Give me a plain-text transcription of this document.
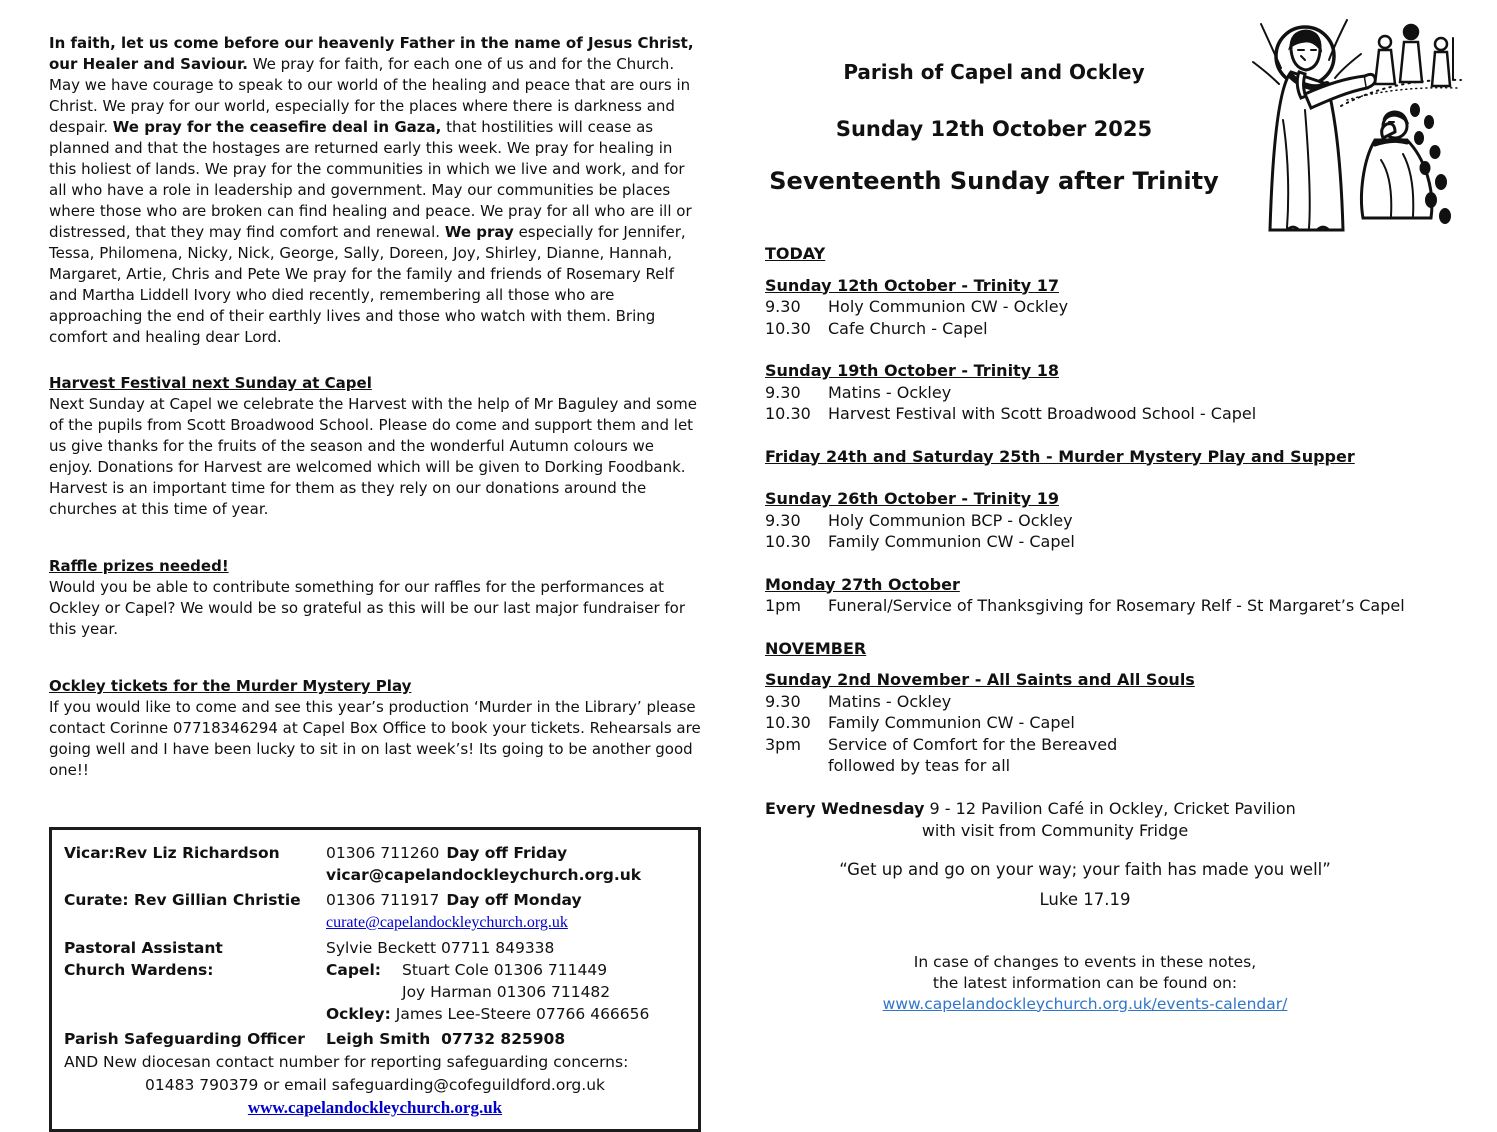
In faith, let us come before our heavenly Father in the name of Jesus Christ, our Healer and Saviour. We pray for faith, for each one of us and for the Church. May we have courage to speak to our world of the healing and peace that are ours in Christ. We pray for our world, especially for the places where there is darkness and despair. We pray for the ceasefire deal in Gaza, that hostilities will cease as planned and that the hostages are returned early this week. We pray for healing in this holiest of lands. We pray for the communities in which we live and work, and for all who have a role in leadership and government. May our communities be places where those who are broken can find healing and peace. We pray for all who are ill or distressed, that they may find comfort and renewal. We pray especially for Jennifer, Tessa, Philomena, Nicky, Nick, George, Sally, Doreen, Joy, Shirley, Dianne, Hannah, Margaret, Artie, Chris and Pete We pray for the family and friends of Rosemary Relf and Martha Liddell Ivory who died recently, remembering all those who are approaching the end of their earthly lives and those who watch with them. Bring comfort and healing dear Lord.

Harvest Festival next Sunday at Capel
Next Sunday at Capel we celebrate the Harvest with the help of Mr Baguley and some of the pupils from Scott Broadwood School. Please do come and support them and let us give thanks for the fruits of the season and the wonderful Autumn colours we enjoy. Donations for Harvest are welcomed which will be given to Dorking Foodbank. Harvest is an important time for them as they rely on our donations around the churches at this time of year.
Raffle prizes needed!
Would you be able to contribute something for our raffles for the performances at Ockley or Capel? We would be so grateful as this will be our last major fundraiser for this year.
Ockley tickets for the Murder Mystery Play
If you would like to come and see this year’s production ‘Murder in the Library’ please contact Corinne 07718346294 at Capel Box Office to book your tickets. Rehearsals are going well and I have been lucky to sit in on last week’s! Its going to be another good one!!
Vicar:Rev Liz Richardson	01306 711260 Day off Friday
vicar@capelandockleychurch.org.uk
Curate: Rev Gillian Christie	01306 711917 Day off Monday
curate@capelandockleychurch.org.uk
Pastoral Assistant	Sylvie Beckett 07711 849338
Church Wardens:	Capel:	Stuart Cole 01306 711449
Joy Harman 01306 711482
Ockley: James Lee-Steere 07766 466656
Parish Safeguarding Officer	Leigh Smith  07732 825908
AND New diocesan contact number for reporting safeguarding concerns:
01483 790379 or email safeguarding@cofeguildford.org.uk
www.capelandockleychurch.org.uk
Parish of Capel and Ockley
Sunday 12th October 2025
Seventeenth Sunday after Trinity
TODAY
Sunday 12th October - Trinity 17
9.30	Holy Communion CW - Ockley
10.30	Cafe Church - Capel
Sunday 19th October - Trinity 18
9.30	Matins - Ockley
10.30	Harvest Festival with Scott Broadwood School - Capel
Friday 24th and Saturday 25th - Murder Mystery Play and Supper
Sunday 26th October - Trinity 19
9.30	Holy Communion BCP - Ockley
10.30	Family Communion CW - Capel
Monday 27th October
1pm	Funeral/Service of Thanksgiving for Rosemary Relf - St Margaret’s Capel
NOVEMBER
Sunday 2nd November - All Saints and All Souls
9.30	Matins - Ockley
10.30	Family Communion CW - Capel
3pm	Service of Comfort for the Bereaved
followed by teas for all
Every Wednesday 9 - 12 Pavilion Café in Ockley, Cricket Pavilion
with visit from Community Fridge
“Get up and go on your way; your faith has made you well”
Luke 17.19
In case of changes to events in these notes,
the latest information can be found on:
www.capelandockleychurch.org.uk/events-calendar/
